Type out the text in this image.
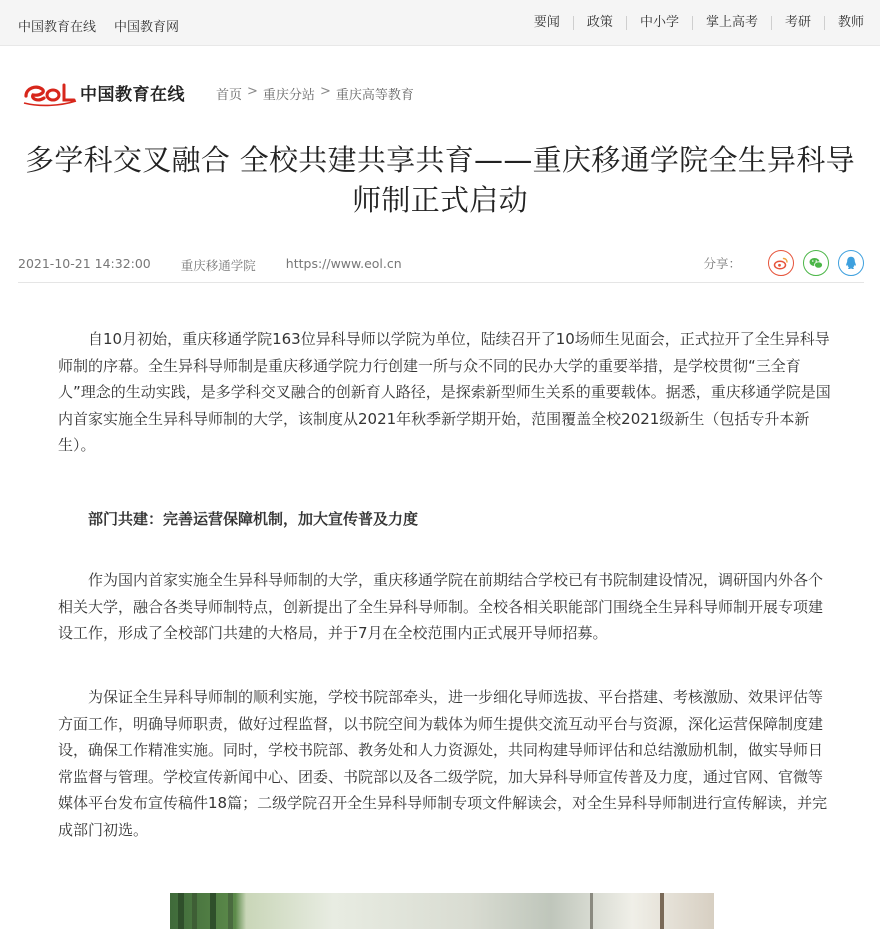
中国教育在线 中国教育网	要闻	政策	中小学	掌上高考	考研	教师
中国教育在线 首页 > 重庆分站 > 重庆高等教育
多学科交叉融合 全校共建共享共育——重庆移通学院全生异科导师制正式启动
2021-10-21 14:32:00 重庆移通学院 https://www.eol.cn	分享：

自10月初始，重庆移通学院163位异科导师以学院为单位，陆续召开了10场师生见面会，正式拉开了全生异科导师制的序幕。全生异科导师制是重庆移通学院力行创建一所与众不同的民办大学的重要举措，是学校贯彻“三全育人”理念的生动实践，是多学科交叉融合的创新育人路径，是探索新型师生关系的重要载体。据悉，重庆移通学院是国内首家实施全生异科导师制的大学，该制度从2021年秋季新学期开始，范围覆盖全校2021级新生（包括专升本新生）。

部门共建：完善运营保障机制，加大宣传普及力度

作为国内首家实施全生异科导师制的大学，重庆移通学院在前期结合学校已有书院制建设情况，调研国内外各个相关大学，融合各类导师制特点，创新提出了全生异科导师制。全校各相关职能部门围绕全生异科导师制开展专项建设工作，形成了全校部门共建的大格局，并于7月在全校范围内正式展开导师招募。

为保证全生异科导师制的顺利实施，学校书院部牵头，进一步细化导师选拔、平台搭建、考核激励、效果评估等方面工作，明确导师职责，做好过程监督，以书院空间为载体为师生提供交流互动平台与资源，深化运营保障制度建设，确保工作精准实施。同时，学校书院部、教务处和人力资源处，共同构建导师评估和总结激励机制，做实导师日常监督与管理。学校宣传新闻中心、团委、书院部以及各二级学院，加大异科导师宣传普及力度，通过官网、官微等媒体平台发布宣传稿件18篇；二级学院召开全生异科导师制专项文件解读会，对全生异科导师制进行宣传解读，并完成部门初选。
